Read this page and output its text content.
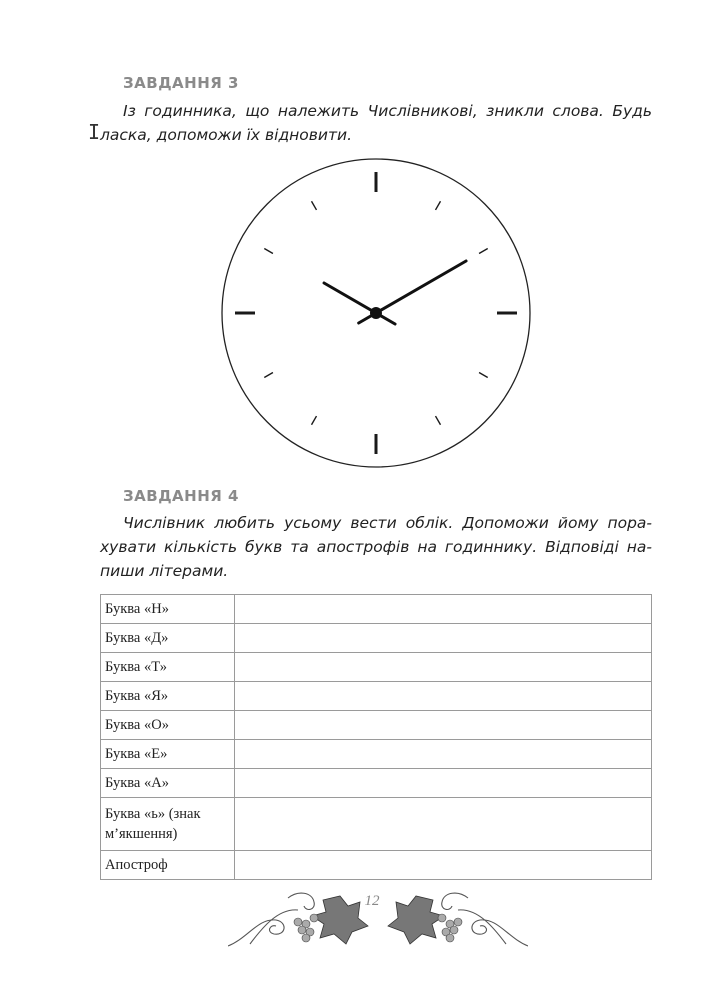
ЗАВДАННЯ 3
Із годинника, що належить Числівникові, зникли слова. Будь
ласка, допоможи їх відновити.
I
ЗАВДАННЯ 4
Числівник любить усьому вести облік. Допоможи йому пора-
хувати кількість букв та апострофів на годиннику. Відповіді на-
пиши літерами.
Буква «Н»	
Буква «Д»	
Буква «Т»	
Буква «Я»	
Буква «О»	
Буква «Е»	
Буква «А»	
Буква «ь» (знак м’якшення)	
Апостроф	
12
